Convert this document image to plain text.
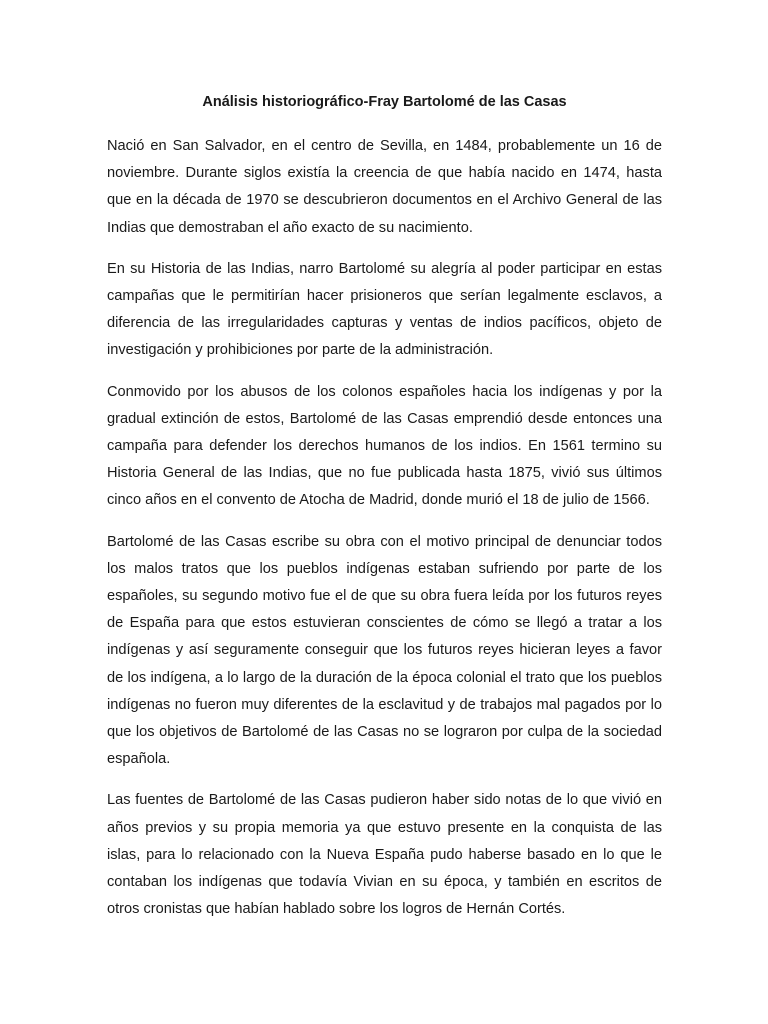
Análisis historiográfico-Fray Bartolomé de las Casas

Nació en San Salvador, en el centro de Sevilla, en 1484, probablemente un 16 de noviembre. Durante siglos existía la creencia de que había nacido en 1474, hasta que en la década de 1970 se descubrieron documentos en el Archivo General de las Indias que demostraban el año exacto de su nacimiento.

En su Historia de las Indias, narro Bartolomé su alegría al poder participar en estas campañas que le permitirían hacer prisioneros que serían legalmente esclavos, a diferencia de las irregularidades capturas y ventas de indios pacíficos, objeto de investigación y prohibiciones por parte de la administración.

Conmovido por los abusos de los colonos españoles hacia los indígenas y por la gradual extinción de estos, Bartolomé de las Casas emprendió desde entonces una campaña para defender los derechos humanos de los indios. En 1561 termino su Historia General de las Indias, que no fue publicada hasta 1875, vivió sus últimos cinco años en el convento de Atocha de Madrid, donde murió el 18 de julio de 1566.

Bartolomé de las Casas escribe su obra con el motivo principal de denunciar todos los malos tratos que los pueblos indígenas estaban sufriendo por parte de los españoles, su segundo motivo fue el de que su obra fuera leída por los futuros reyes de España para que estos estuvieran conscientes de cómo se llegó a tratar a los indígenas y así seguramente conseguir que los futuros reyes hicieran leyes a favor de los indígena, a lo largo de la duración de la época colonial el trato que los pueblos indígenas no fueron muy diferentes de la esclavitud y de trabajos mal pagados por lo que los objetivos de Bartolomé de las Casas no se lograron por culpa de la sociedad española.

Las fuentes de Bartolomé de las Casas pudieron haber sido notas de lo que vivió en años previos y su propia memoria ya que estuvo presente en la conquista de las islas, para lo relacionado con la Nueva España pudo haberse basado en lo que le contaban los indígenas que todavía Vivian en su época, y también en escritos de otros cronistas que habían hablado sobre los logros de Hernán Cortés.
